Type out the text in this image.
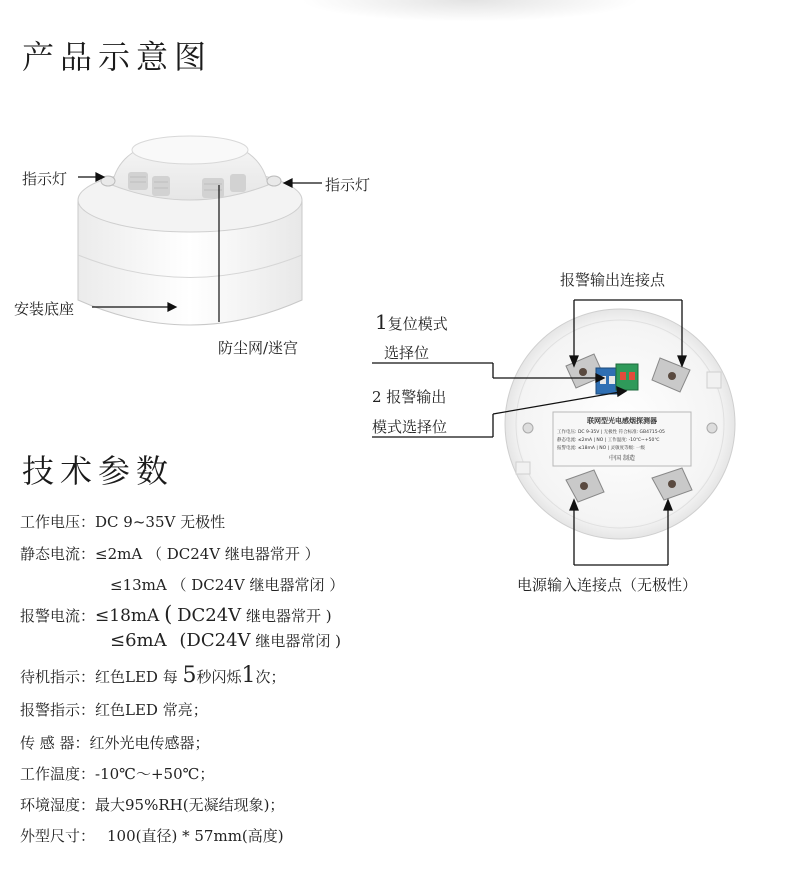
产品示意图
技术参数
指示灯	指示灯
安装底座
防尘网/迷宫
联网型光电感烟探测器
工作电压: DC 9-35V | 无极性 符合标准: GB4715-05
静态电流: ≤2mA | NO | 工作温度: -10℃~+50℃
报警电流: ≤18mA | NO | 灵敏度等级: 一级
中国 制造
报警输出连接点
1复位模式
选择位
2 报警输出
模式选择位
电源输入连接点（无极性）
工作电压：DC 9~35V 无极性
静态电流：≤2mA （ DC24V 继电器常开 ）
≤13mA （ DC24V 继电器常闭 ）
报警电流：≤18mA ( DC24V 继电器常开 )
≤6mA (DC24V 继电器常闭 )
待机指示：红色LED 每 5秒闪烁1次；
报警指示：红色LED 常亮；
传 感 器：红外光电传感器；
工作温度：-10℃～+50℃；
环境湿度：最大95%RH(无凝结现象)；
外型尺寸： 100(直径) * 57mm(高度)
